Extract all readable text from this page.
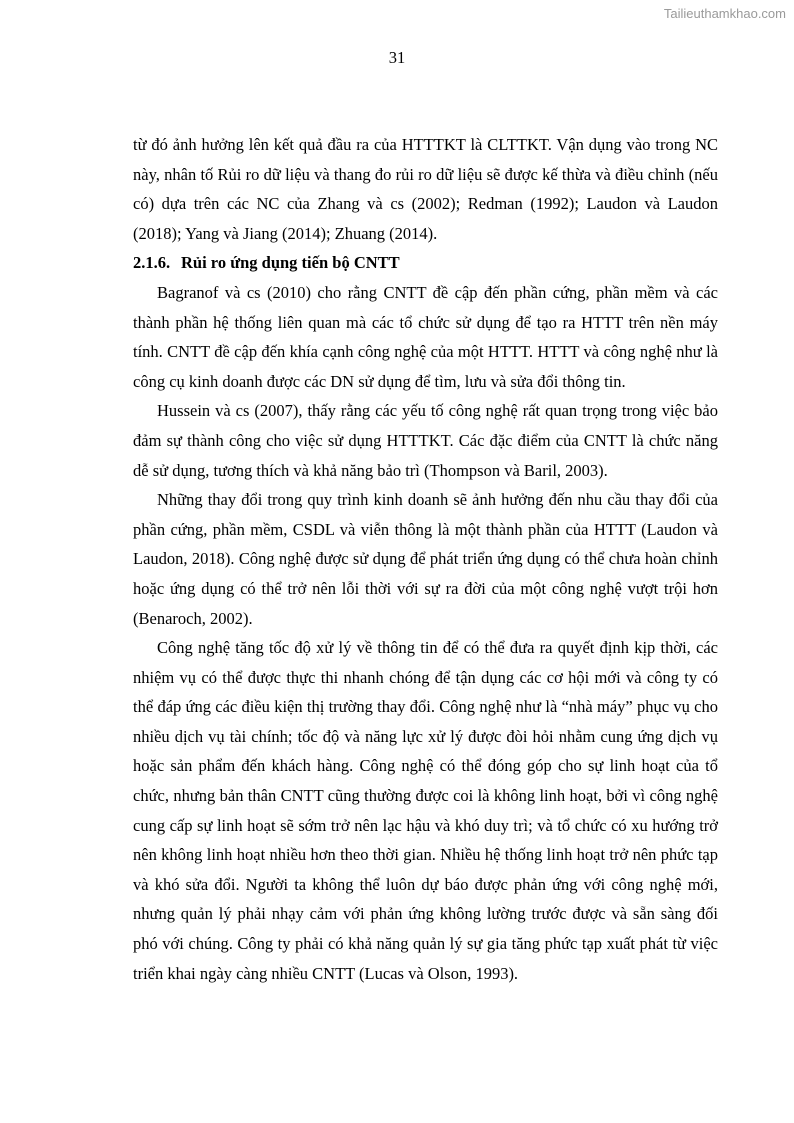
Tailieuthamkhao.com
31

từ đó ảnh hưởng lên kết quả đầu ra của HTTTKT là CLTTKT. Vận dụng vào trong NC này, nhân tố Rủi ro dữ liệu và thang đo rủi ro dữ liệu sẽ được kế thừa và điều chỉnh (nếu có) dựa trên các NC của Zhang và cs (2002); Redman (1992); Laudon và Laudon (2018); Yang và Jiang (2014); Zhuang (2014).

2.1.6. Rủi ro ứng dụng tiến bộ CNTT

Bagranof và cs (2010) cho rằng CNTT đề cập đến phần cứng, phần mềm và các thành phần hệ thống liên quan mà các tổ chức sử dụng để tạo ra HTTT trên nền máy tính. CNTT đề cập đến khía cạnh công nghệ của một HTTT. HTTT và công nghệ như là công cụ kinh doanh được các DN sử dụng để tìm, lưu và sửa đổi thông tin.

Hussein và cs (2007), thấy rằng các yếu tố công nghệ rất quan trọng trong việc bảo đảm sự thành công cho việc sử dụng HTTTKT. Các đặc điểm của CNTT là chức năng dễ sử dụng, tương thích và khả năng bảo trì (Thompson và Baril, 2003).

Những thay đổi trong quy trình kinh doanh sẽ ảnh hưởng đến nhu cầu thay đổi của phần cứng, phần mềm, CSDL và viễn thông là một thành phần của HTTT (Laudon và Laudon, 2018). Công nghệ được sử dụng để phát triển ứng dụng có thể chưa hoàn chỉnh hoặc ứng dụng có thể trở nên lỗi thời với sự ra đời của một công nghệ vượt trội hơn (Benaroch, 2002).

Công nghệ tăng tốc độ xử lý về thông tin để có thể đưa ra quyết định kịp thời, các nhiệm vụ có thể được thực thi nhanh chóng để tận dụng các cơ hội mới và công ty có thể đáp ứng các điều kiện thị trường thay đổi. Công nghệ như là “nhà máy” phục vụ cho nhiều dịch vụ tài chính; tốc độ và năng lực xử lý được đòi hỏi nhằm cung ứng dịch vụ hoặc sản phẩm đến khách hàng. Công nghệ có thể đóng góp cho sự linh hoạt của tổ chức, nhưng bản thân CNTT cũng thường được coi là không linh hoạt, bởi vì công nghệ cung cấp sự linh hoạt sẽ sớm trở nên lạc hậu và khó duy trì; và tổ chức có xu hướng trở nên không linh hoạt nhiều hơn theo thời gian. Nhiều hệ thống linh hoạt trở nên phức tạp và khó sửa đổi. Người ta không thể luôn dự báo được phản ứng với công nghệ mới, nhưng quản lý phải nhạy cảm với phản ứng không lường trước được và sẵn sàng đối phó với chúng. Công ty phải có khả năng quản lý sự gia tăng phức tạp xuất phát từ việc triển khai ngày càng nhiều CNTT (Lucas và Olson, 1993).
